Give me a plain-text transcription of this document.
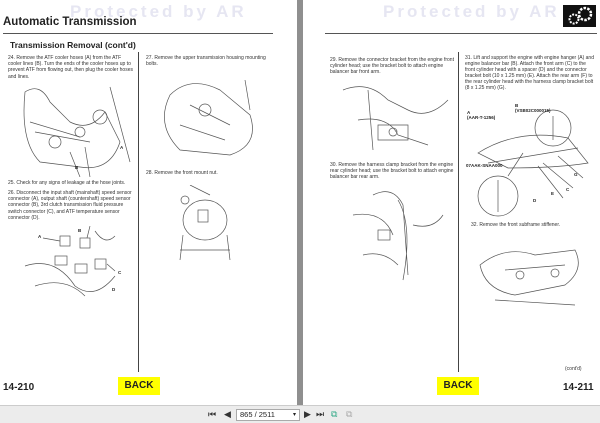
Protected by AR
Automatic Transmission
Transmission Removal (cont'd)
24. Remove the ATF cooler hoses (A) from the ATF cooler lines (B). Turn the ends of the cooler hoses up to prevent ATF from flowing out, then plug the cooler hoses and lines.
27. Remove the upper transmission housing mounting bolts.
A
B
25. Check for any signs of leakage at the hose joints.
26. Disconnect the input shaft (mainshaft) speed sensor connector (A), output shaft (countershaft) speed sensor connector (B), 3rd clutch transmission fluid pressure switch connector (C), and ATF temperature sensor connector (D).
A
B
C
D
28. Remove the front mount nut.
14-210	BACK
Protected by AR
29. Remove the connector bracket from the engine front cylinder head; use the bracket bolt to attach engine balancer bar front arm.
31. Lift and support the engine with engine hanger (A) and engine balancer bar (B). Attach the front arm (C) to the front cylinder head with a spacer (D) and the connector bracket bolt (10 x 1.25 mm) (E). Attach the rear arm (F) to the rear cylinder head with the harness clamp bracket bolt (8 x 1.25 mm) (G).
30. Remove the harness clamp bracket from the engine rear cylinder head; use the bracket bolt to attach engine balancer bar rear arm.
A
(AAR-T-1256)
B
(VSB02C000015)
07AAK-SNAA000
G
C
E
D
32. Remove the front subframe stiffener.
(cont'd)
BACK	14-211
⏮ ◀	865 / 2511	▾ ▶ ⏭ ⧉ ⧉
